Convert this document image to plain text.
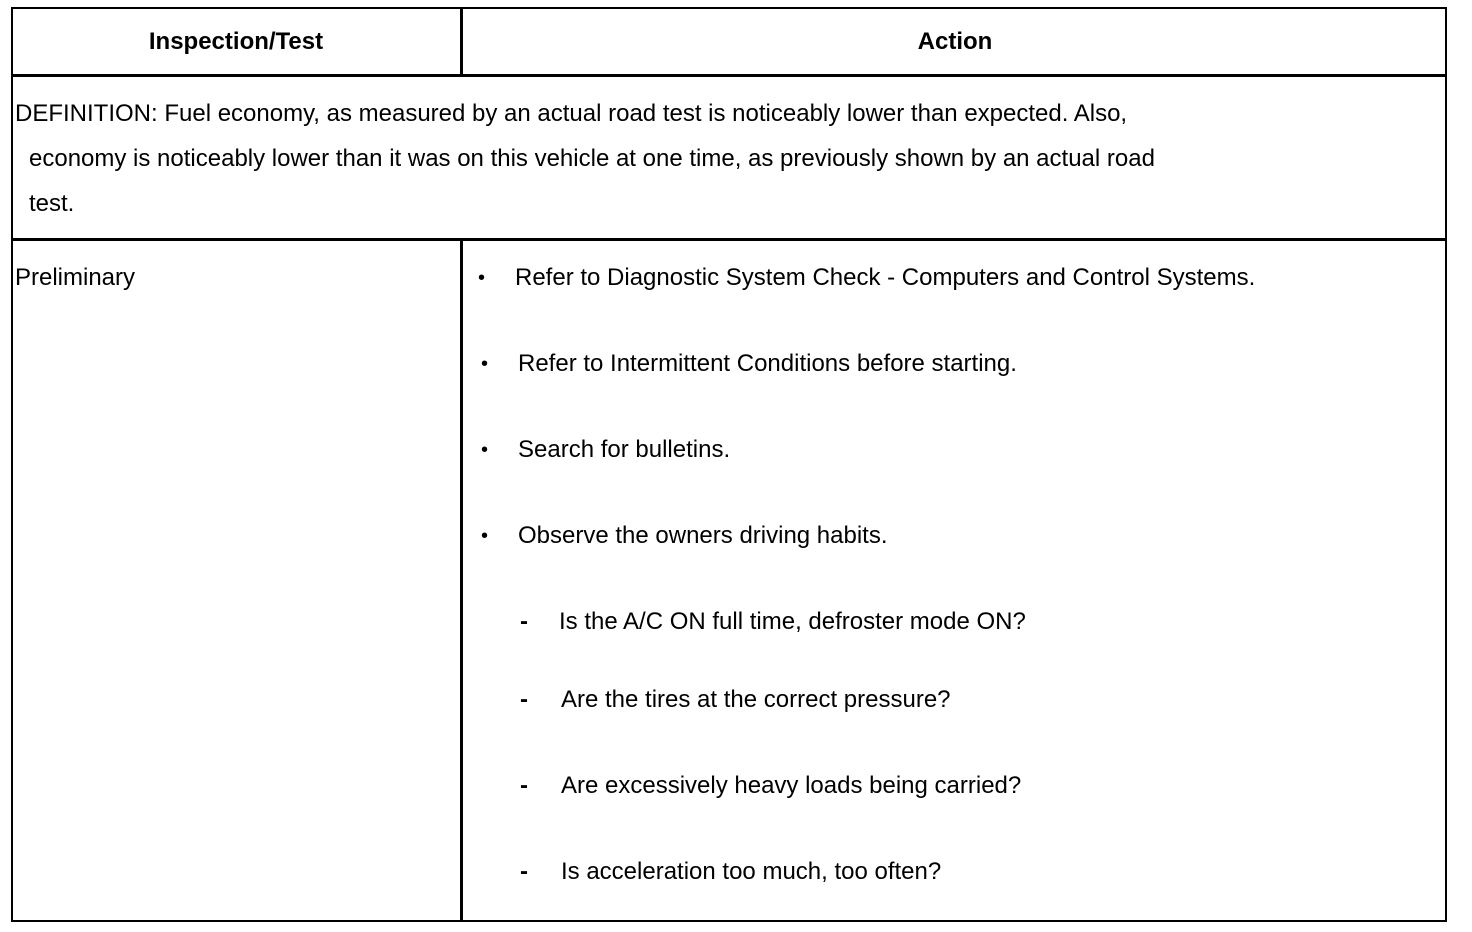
Inspection/Test	Action
DEFINITION: Fuel economy, as measured by an actual road test is noticeably lower than expected. Also,
economy is noticeably lower than it was on this vehicle at one time, as previously shown by an actual road
test.
Preliminary	• Refer to Diagnostic System Check - Computers and Control Systems.
• Refer to Intermittent Conditions before starting.
• Search for bulletins.
• Observe the owners driving habits.
- Is the A/C ON full time, defroster mode ON?
- Are the tires at the correct pressure?
- Are excessively heavy loads being carried?
- Is acceleration too much, too often?
